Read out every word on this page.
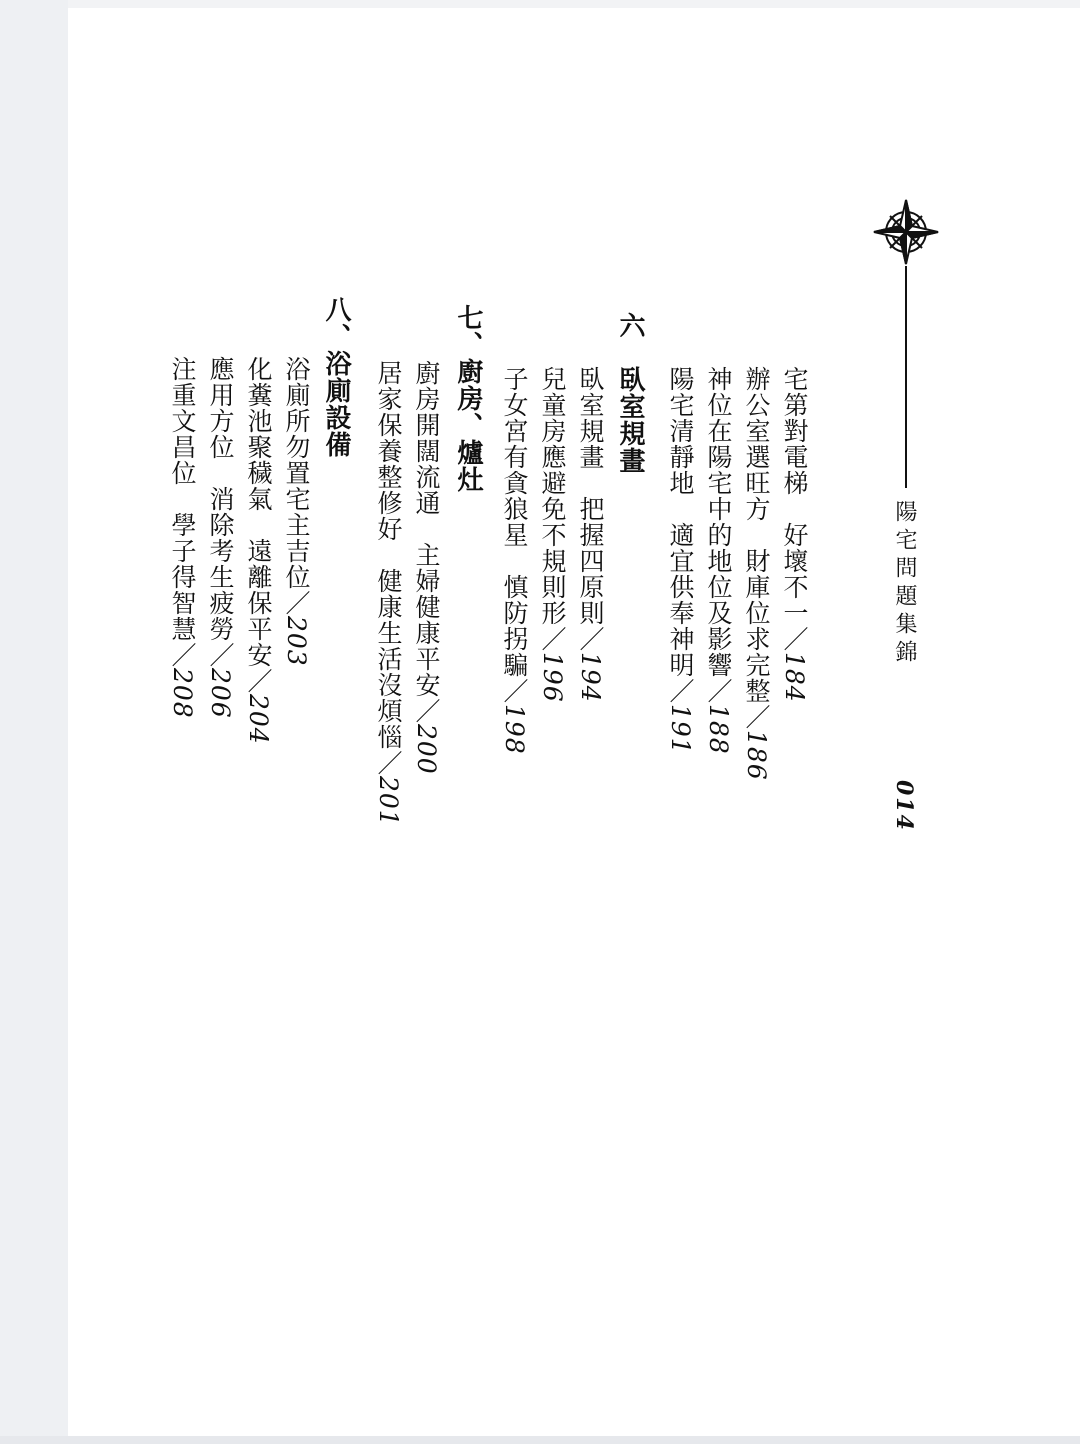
陽宅問題集錦
014
宅第對電梯　好壞不一／184
辦公室選旺方　財庫位求完整／186
神位在陽宅中的地位及影響／188
陽宅清靜地　適宜供奉神明／191
六　臥室規畫
臥室規畫　把握四原則／194
兒童房應避免不規則形／196
子女宮有貪狼星　慎防拐騙／198
七、廚房、爐灶
廚房開闊流通　主婦健康平安／200
居家保養整修好　健康生活沒煩惱／201
八、浴廁設備
浴廁所勿置宅主吉位／203
化糞池聚穢氣　遠離保平安／204
應用方位　消除考生疲勞／206
注重文昌位　學子得智慧／208
